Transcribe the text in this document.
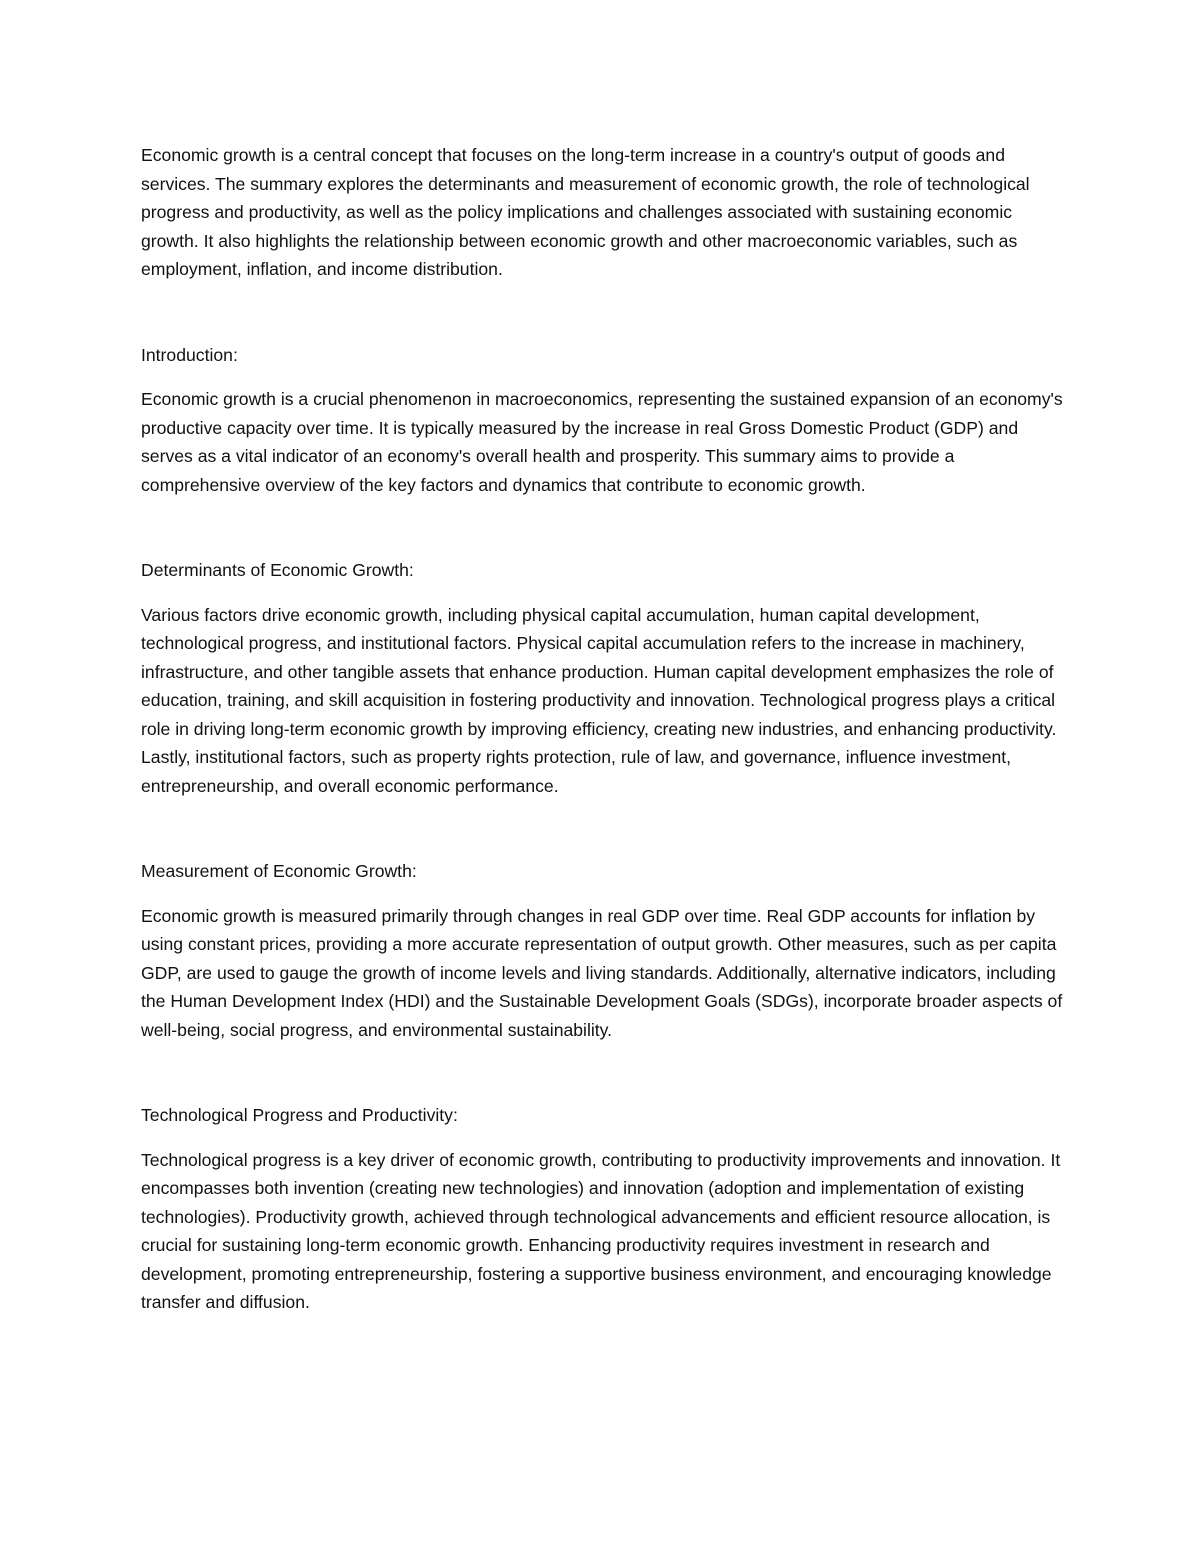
Economic growth is a central concept that focuses on the long-term increase in a country's output of goods and services. The summary explores the determinants and measurement of economic growth, the role of technological progress and productivity, as well as the policy implications and challenges associated with sustaining economic growth. It also highlights the relationship between economic growth and other macroeconomic variables, such as employment, inflation, and income distribution.

Introduction:

Economic growth is a crucial phenomenon in macroeconomics, representing the sustained expansion of an economy's productive capacity over time. It is typically measured by the increase in real Gross Domestic Product (GDP) and serves as a vital indicator of an economy's overall health and prosperity. This summary aims to provide a comprehensive overview of the key factors and dynamics that contribute to economic growth.

Determinants of Economic Growth:

Various factors drive economic growth, including physical capital accumulation, human capital development, technological progress, and institutional factors. Physical capital accumulation refers to the increase in machinery, infrastructure, and other tangible assets that enhance production. Human capital development emphasizes the role of education, training, and skill acquisition in fostering productivity and innovation. Technological progress plays a critical role in driving long-term economic growth by improving efficiency, creating new industries, and enhancing productivity. Lastly, institutional factors, such as property rights protection, rule of law, and governance, influence investment, entrepreneurship, and overall economic performance.

Measurement of Economic Growth:

Economic growth is measured primarily through changes in real GDP over time. Real GDP accounts for inflation by using constant prices, providing a more accurate representation of output growth. Other measures, such as per capita GDP, are used to gauge the growth of income levels and living standards. Additionally, alternative indicators, including the Human Development Index (HDI) and the Sustainable Development Goals (SDGs), incorporate broader aspects of well-being, social progress, and environmental sustainability.

Technological Progress and Productivity:

Technological progress is a key driver of economic growth, contributing to productivity improvements and innovation. It encompasses both invention (creating new technologies) and innovation (adoption and implementation of existing technologies). Productivity growth, achieved through technological advancements and efficient resource allocation, is crucial for sustaining long-term economic growth. Enhancing productivity requires investment in research and development, promoting entrepreneurship, fostering a supportive business environment, and encouraging knowledge transfer and diffusion.
